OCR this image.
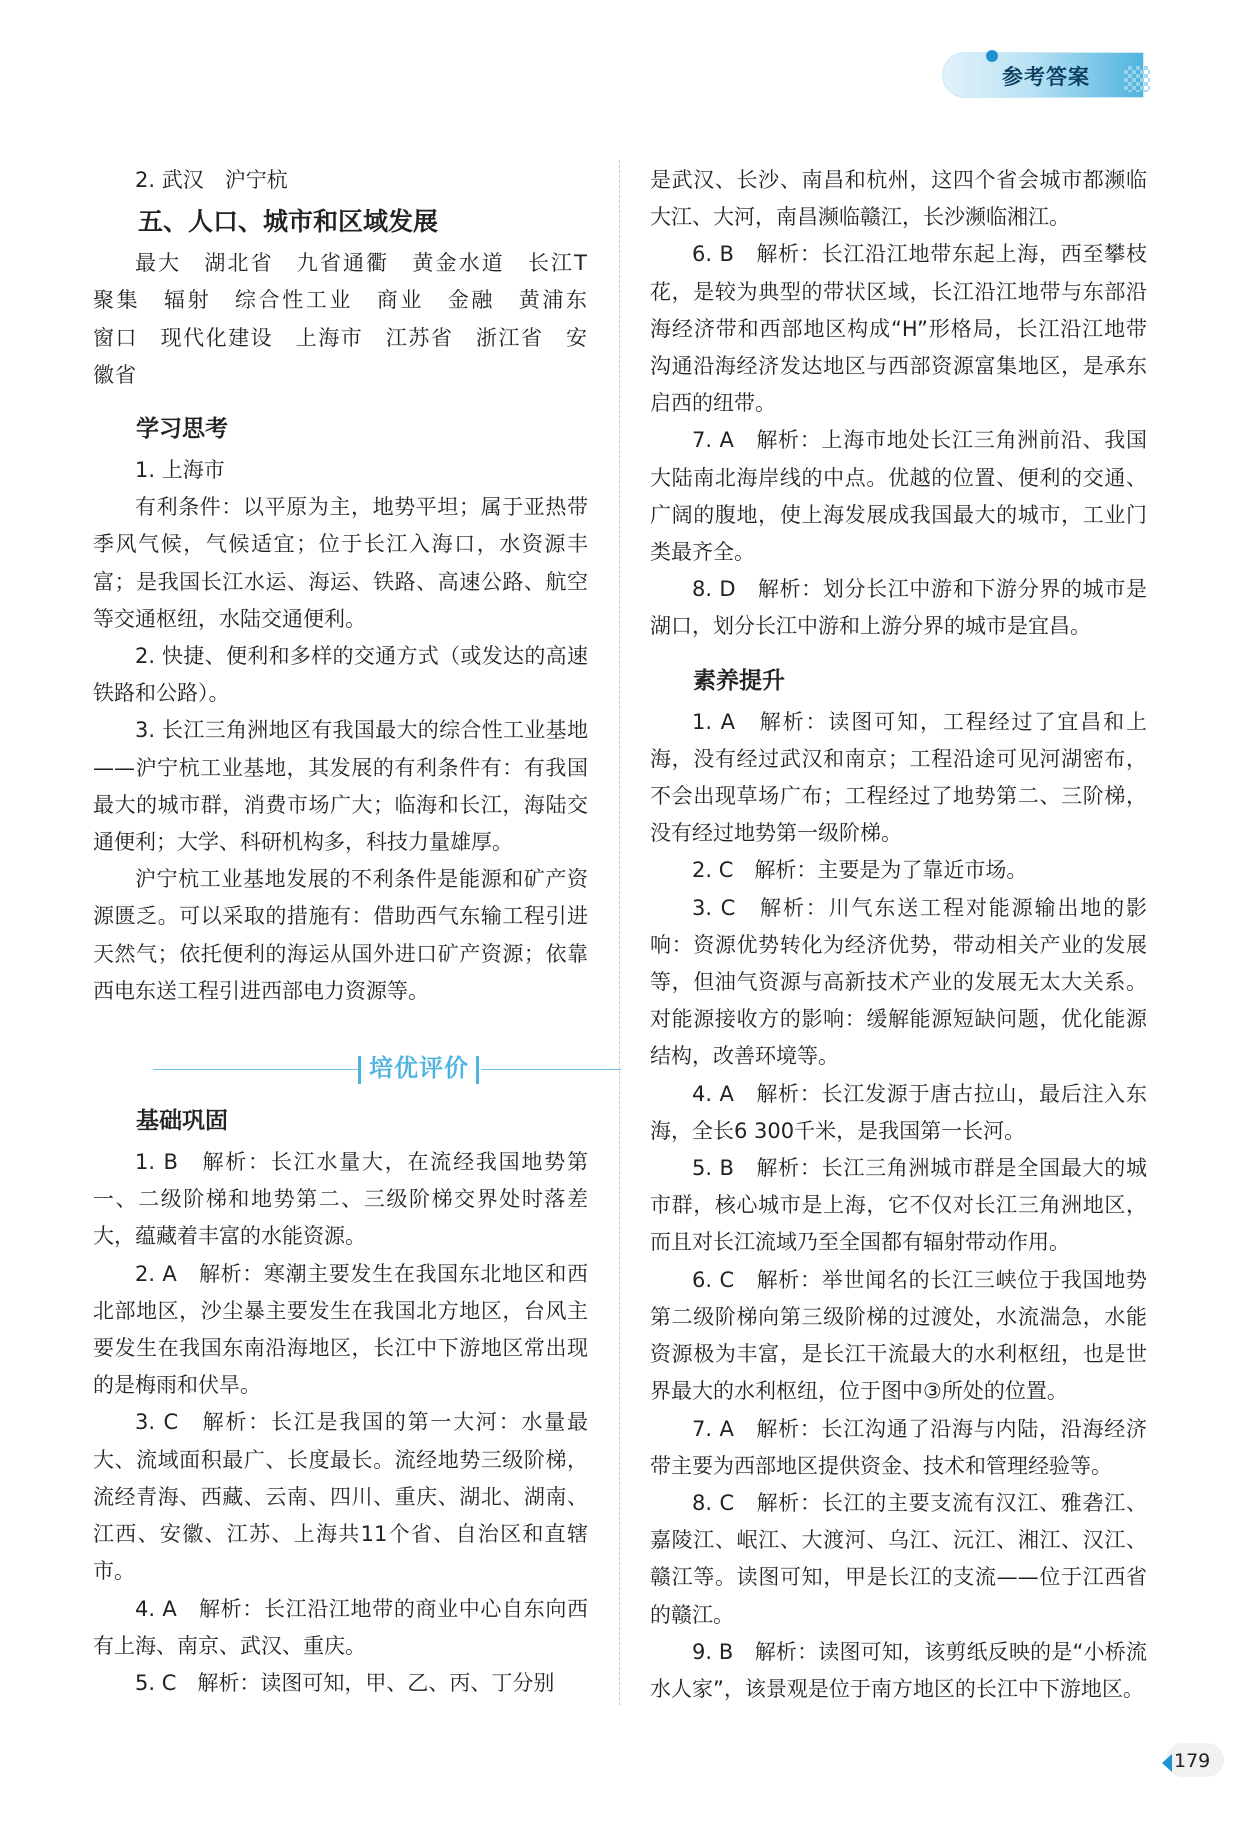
参考答案

2. 武汉　沪宁杭

五、人口、城市和区域发展

最大　湖北省　九省通衢　黄金水道　长江T　聚集　辐射　综合性工业　商业　金融　黄浦东　窗口　现代化建设　上海市　江苏省　浙江省　安徽省

学习思考

1. 上海市

有利条件：以平原为主，地势平坦；属于亚热带季风气候，气候适宜；位于长江入海口，水资源丰富；是我国长江水运、海运、铁路、高速公路、航空等交通枢纽，水陆交通便利。

2. 快捷、便利和多样的交通方式（或发达的高速铁路和公路）。

3. 长江三角洲地区有我国最大的综合性工业基地——沪宁杭工业基地，其发展的有利条件有：有我国最大的城市群，消费市场广大；临海和长江，海陆交通便利；大学、科研机构多，科技力量雄厚。

沪宁杭工业基地发展的不利条件是能源和矿产资源匮乏。可以采取的措施有：借助西气东输工程引进天然气；依托便利的海运从国外进口矿产资源；依靠西电东送工程引进西部电力资源等。

培优评价
基础巩固

1. B　解析：长江水量大，在流经我国地势第一、二级阶梯和地势第二、三级阶梯交界处时落差大，蕴藏着丰富的水能资源。

2. A　解析：寒潮主要发生在我国东北地区和西北部地区，沙尘暴主要发生在我国北方地区，台风主要发生在我国东南沿海地区，长江中下游地区常出现的是梅雨和伏旱。

3. C　解析：长江是我国的第一大河：水量最大、流域面积最广、长度最长。流经地势三级阶梯，流经青海、西藏、云南、四川、重庆、湖北、湖南、江西、安徽、江苏、上海共11个省、自治区和直辖市。

4. A　解析：长江沿江地带的商业中心自东向西有上海、南京、武汉、重庆。

5. C　解析：读图可知，甲、乙、丙、丁分别

是武汉、长沙、南昌和杭州，这四个省会城市都濒临大江、大河，南昌濒临赣江，长沙濒临湘江。

6. B　解析：长江沿江地带东起上海，西至攀枝花，是较为典型的带状区域，长江沿江地带与东部沿海经济带和西部地区构成“H”形格局，长江沿江地带沟通沿海经济发达地区与西部资源富集地区，是承东启西的纽带。

7. A　解析：上海市地处长江三角洲前沿、我国大陆南北海岸线的中点。优越的位置、便利的交通、广阔的腹地，使上海发展成我国最大的城市，工业门类最齐全。

8. D　解析：划分长江中游和下游分界的城市是湖口，划分长江中游和上游分界的城市是宜昌。

素养提升

1. A　解析：读图可知，工程经过了宜昌和上海，没有经过武汉和南京；工程沿途可见河湖密布，不会出现草场广布；工程经过了地势第二、三阶梯，没有经过地势第一级阶梯。

2. C　解析：主要是为了靠近市场。

3. C　解析：川气东送工程对能源输出地的影响：资源优势转化为经济优势，带动相关产业的发展等，但油气资源与高新技术产业的发展无太大关系。对能源接收方的影响：缓解能源短缺问题，优化能源结构，改善环境等。

4. A　解析：长江发源于唐古拉山，最后注入东海，全长6 300千米，是我国第一长河。

5. B　解析：长江三角洲城市群是全国最大的城市群，核心城市是上海，它不仅对长江三角洲地区，而且对长江流域乃至全国都有辐射带动作用。

6. C　解析：举世闻名的长江三峡位于我国地势第二级阶梯向第三级阶梯的过渡处，水流湍急，水能资源极为丰富，是长江干流最大的水利枢纽，也是世界最大的水利枢纽，位于图中③所处的位置。

7. A　解析：长江沟通了沿海与内陆，沿海经济带主要为西部地区提供资金、技术和管理经验等。

8. C　解析：长江的主要支流有汉江、雅砻江、嘉陵江、岷江、大渡河、乌江、沅江、湘江、汉江、赣江等。读图可知，甲是长江的支流——位于江西省的赣江。

9. B　解析：读图可知，该剪纸反映的是“小桥流水人家”，该景观是位于南方地区的长江中下游地区。

179
